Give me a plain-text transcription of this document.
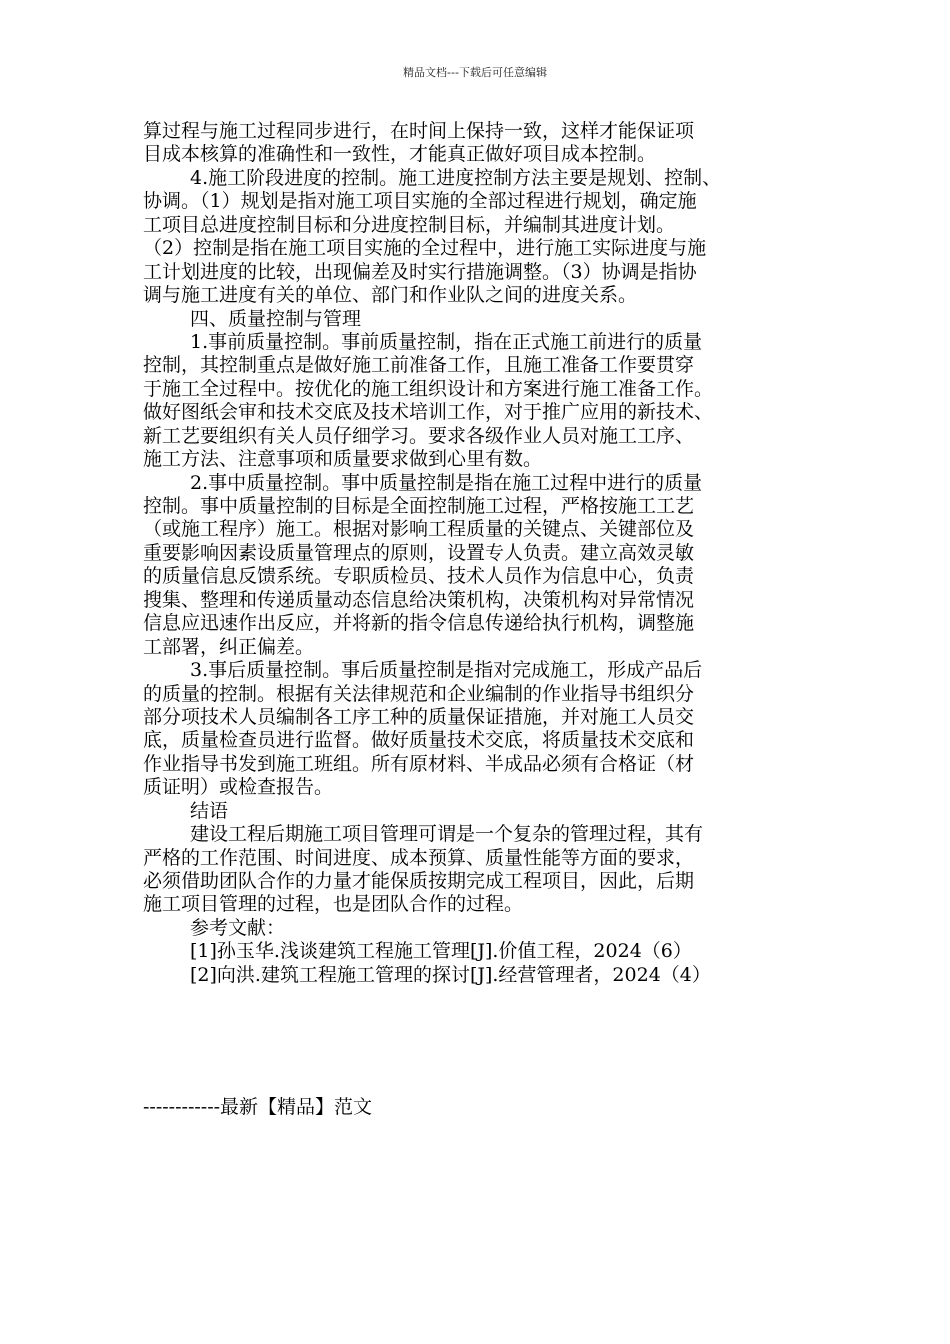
精品文档---下载后可任意编辑
算过程与施工过程同步进行，在时间上保持一致，这样才能保证项
目成本核算的准确性和一致性，才能真正做好项目成本控制。
4.施工阶段进度的控制。施工进度控制方法主要是规划、控制、
协调。（1）规划是指对施工项目实施的全部过程进行规划，确定施
工项目总进度控制目标和分进度控制目标，并编制其进度计划。
（2）控制是指在施工项目实施的全过程中，进行施工实际进度与施
工计划进度的比较，出现偏差及时实行措施调整。（3）协调是指协
调与施工进度有关的单位、部门和作业队之间的进度关系。
四、质量控制与管理
1.事前质量控制。事前质量控制，指在正式施工前进行的质量
控制，其控制重点是做好施工前准备工作，且施工准备工作要贯穿
于施工全过程中。按优化的施工组织设计和方案进行施工准备工作。
做好图纸会审和技术交底及技术培训工作，对于推广应用的新技术、
新工艺要组织有关人员仔细学习。要求各级作业人员对施工工序、
施工方法、注意事项和质量要求做到心里有数。
2.事中质量控制。事中质量控制是指在施工过程中进行的质量
控制。事中质量控制的目标是全面控制施工过程，严格按施工工艺
（或施工程序）施工。根据对影响工程质量的关键点、关键部位及
重要影响因素设质量管理点的原则，设置专人负责。建立高效灵敏
的质量信息反馈系统。专职质检员、技术人员作为信息中心，负责
搜集、整理和传递质量动态信息给决策机构，决策机构对异常情况
信息应迅速作出反应，并将新的指令信息传递给执行机构，调整施
工部署，纠正偏差。
3.事后质量控制。事后质量控制是指对完成施工，形成产品后
的质量的控制。根据有关法律规范和企业编制的作业指导书组织分
部分项技术人员编制各工序工种的质量保证措施，并对施工人员交
底，质量检查员进行监督。做好质量技术交底，将质量技术交底和
作业指导书发到施工班组。所有原材料、半成品必须有合格证（材
质证明）或检查报告。
结语
建设工程后期施工项目管理可谓是一个复杂的管理过程，其有
严格的工作范围、时间进度、成本预算、质量性能等方面的要求，
必须借助团队合作的力量才能保质按期完成工程项目，因此，后期
施工项目管理的过程，也是团队合作的过程。
参考文献：
[1]孙玉华.浅谈建筑工程施工管理[J].价值工程，2024（6）
[2]向洪.建筑工程施工管理的探讨[J].经营管理者，2024（4）
------------最新【精品】范文
